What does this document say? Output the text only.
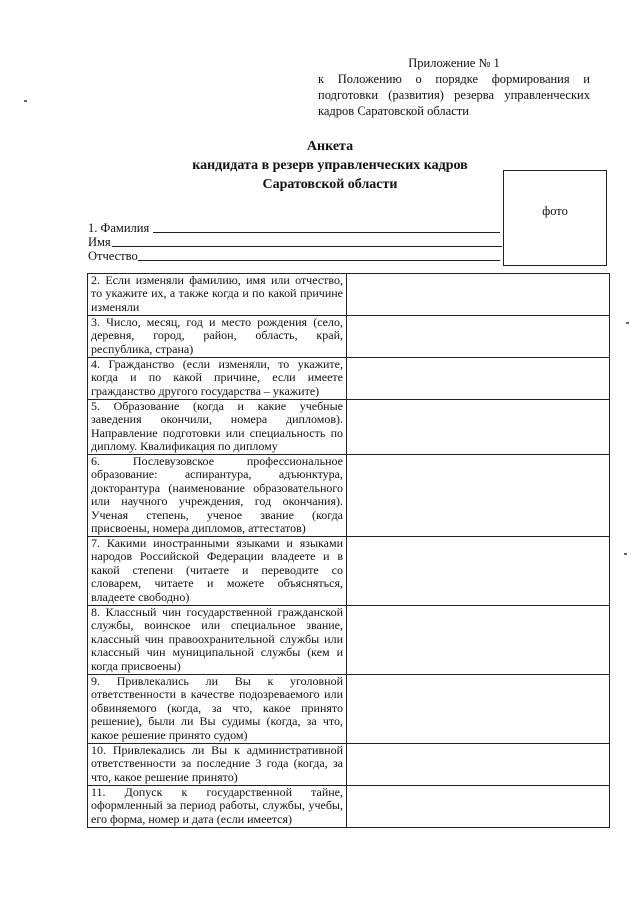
Приложение № 1
к Положению о порядке формирования и подготовки (развития) резерва управленческих кадров Саратовской области
Анкета
кандидата в резерв управленческих кадров
Саратовской области
фото
1. Фамилия
Имя
Отчество
2. Если изменяли фамилию, имя или отчество, то укажите их, а также когда и по какой причине изменяли	
3. Число, месяц, год и место рождения (село, деревня, город, район, область, край, республика, страна)	
4. Гражданство (если изменяли, то укажите, когда и по какой причине, если имеете гражданство другого государства – укажите)	
5. Образование (когда и какие учебные заведения окончили, номера дипломов). Направление подготовки или специальность по диплому. Квалификация по диплому	
6. Послевузовское профессиональное образование: аспирантура, адъюнктура, докторантура (наименование образовательного или научного учреждения, год окончания). Ученая степень, ученое звание (когда присвоены, номера дипломов, аттестатов)	
7. Какими иностранными языками и языками народов Российской Федерации владеете и в какой степени (читаете и переводите со словарем, читаете и можете объясняться, владеете свободно)	
8. Классный чин государственной гражданской службы, воинское или специальное звание, классный чин правоохранительной службы или классный чин муниципальной службы (кем и когда присвоены)	
9. Привлекались ли Вы к уголовной ответственности в качестве подозреваемого или обвиняемого (когда, за что, какое принято решение), были ли Вы судимы (когда, за что, какое решение принято судом)	
10. Привлекались ли Вы к административной ответственности за последние 3 года (когда, за что, какое решение принято)	
11. Допуск к государственной тайне, оформленный за период работы, службы, учебы, его форма, номер и дата (если имеется)	
